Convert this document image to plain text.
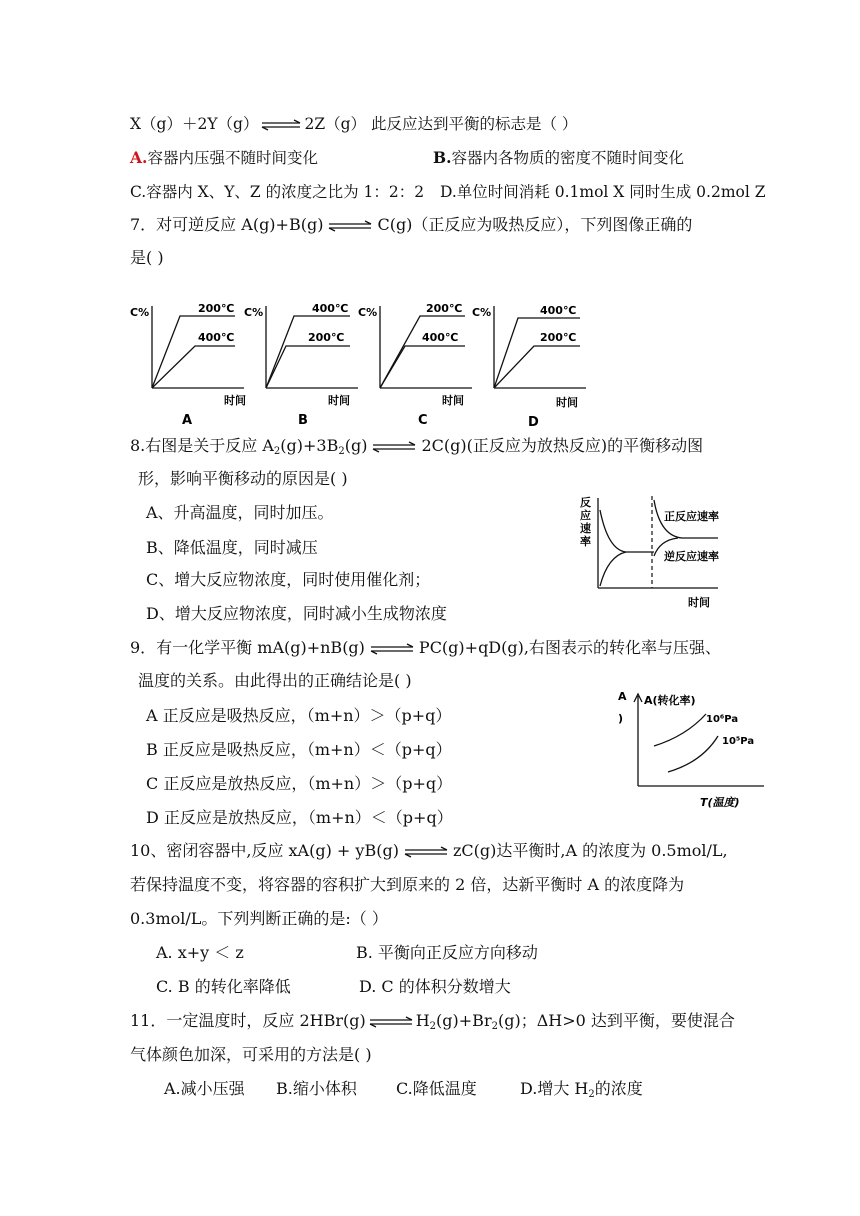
X（g）＋2Y（g） ⇌ 2Z（g） 此反应达到平衡的标志是（ ）
A.容器内压强不随时间变化	B.容器内各物质的密度不随时间变化
C.容器内 X、Y、Z 的浓度之比为 1：2：2 D.单位时间消耗 0.1mol X 同时生成 0.2mol Z
7．对可逆反应 A(g)+B(g) ⇌ C(g)（正反应为吸热反应），下列图像正确的
是( )
C%	200℃
400℃
时间
A
C%	400℃
200℃
时间
B
C%	200℃
400℃
时间
C
C%	400℃
200℃
时间
D
8.右图是关于反应 $A_2(g)+3B_2(g)$ ⇌ 2C(g)(正反应为放热反应)的平衡移动图
形，影响平衡移动的原因是( )
A、升高温度，同时加压。
B、降低温度，同时减压
C、增大反应物浓度，同时使用催化剂；
D、增大反应物浓度，同时减小生成物浓度
反
应
速
率
正反应速率
逆反应速率
时间
9．有一化学平衡 mA(g)+nB(g) ⇌ PC(g)+qD(g),右图表示的转化率与压强、
温度的关系。由此得出的正确结论是( )
A 正反应是吸热反应，（m+n）＞（p+q）
B 正反应是吸热反应，（m+n）＜（p+q）
C 正反应是放热反应，（m+n）＞（p+q）
D 正反应是放热反应，（m+n）＜（p+q）
A
)
A(转化率)
10⁶Pa
10⁵Pa
T(温度)
10、密闭容器中,反应 xA(g) + yB(g) ⇌ zC(g)达平衡时,A 的浓度为 0.5mol/L,
若保持温度不变，将容器的容积扩大到原来的 2 倍，达新平衡时 A 的浓度降为
0.3mol/L。下列判断正确的是:（ ）
A. x+y ＜ z	B. 平衡向正反应方向移动
C. B 的转化率降低	D. C 的体积分数增大
11．一定温度时，反应 2HBr(g) ⇌ $H_2(g)+Br_2(g)$；ΔH>0 达到平衡，要使混合
气体颜色加深，可采用的方法是( )
A.减小压强 B.缩小体积 C.降低温度	D.增大 $H_2$的浓度
